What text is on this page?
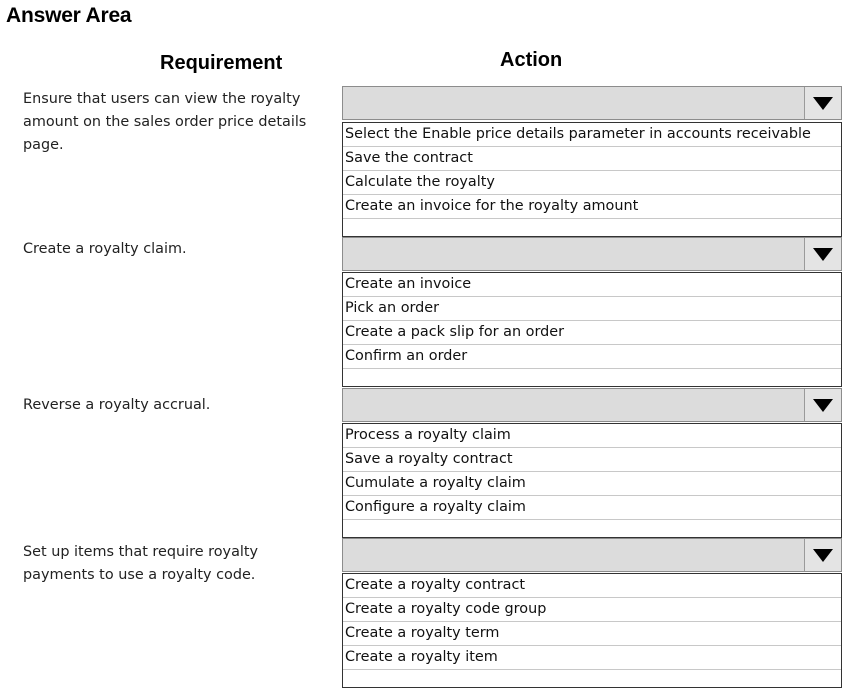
Answer Area
Requirement	Action
Ensure that users can view the royalty
amount on the sales order price details
page.
Select the Enable price details parameter in accounts receivable
Save the contract
Calculate the royalty
Create an invoice for the royalty amount
Create a royalty claim.
Create an invoice
Pick an order
Create a pack slip for an order
Confirm an order
Reverse a royalty accrual.
Process a royalty claim
Save a royalty contract
Cumulate a royalty claim
Configure a royalty claim
Set up items that require royalty
payments to use a royalty code.
Create a royalty contract
Create a royalty code group
Create a royalty term
Create a royalty item
